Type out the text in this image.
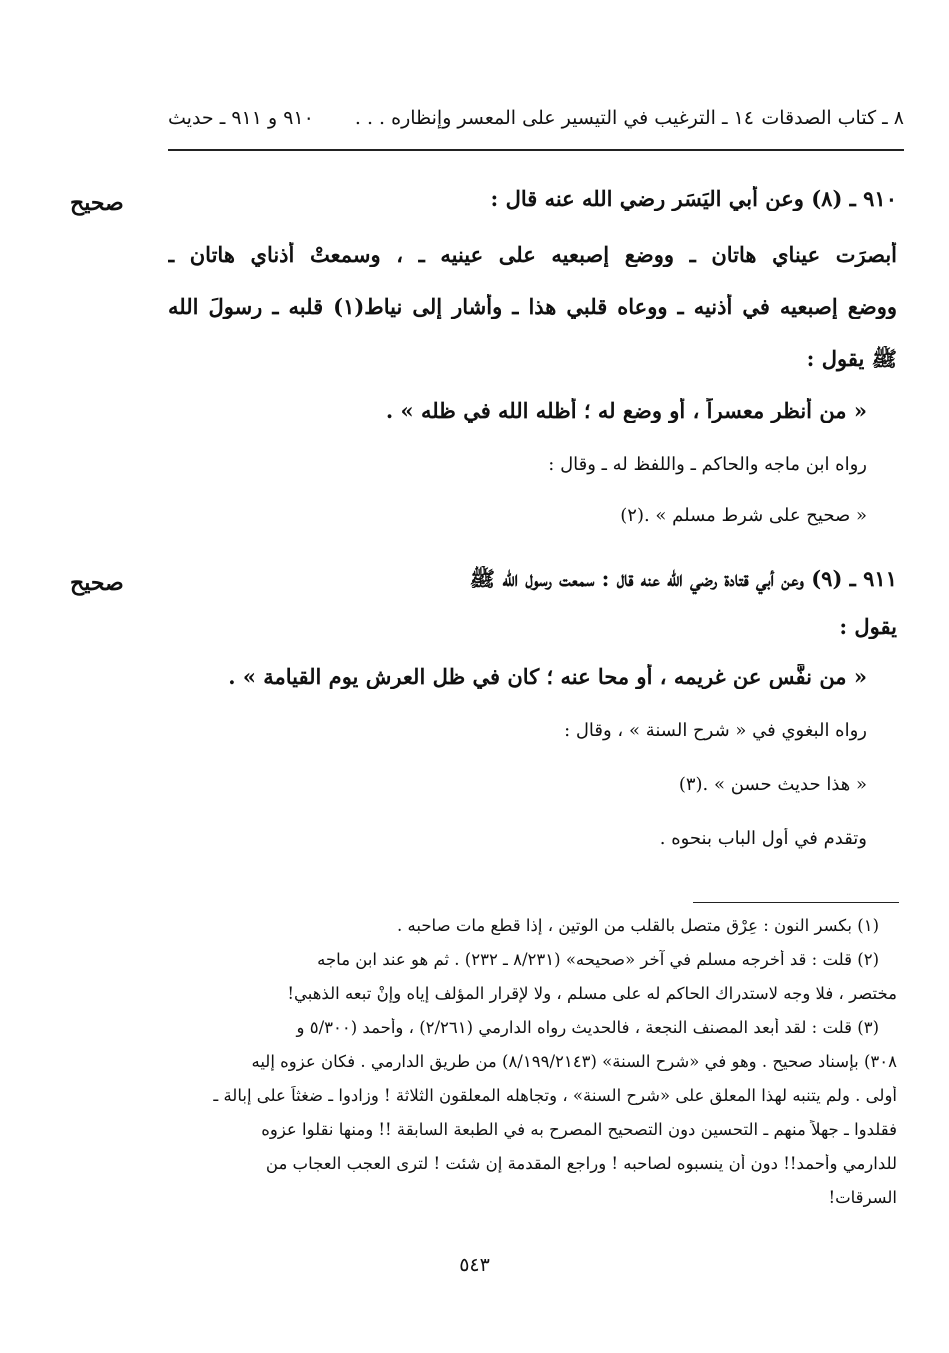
٨ ـ كتاب الصدقات
١٤ ـ الترغيب في التيسير على المعسر وإنظاره . . .
٩١٠ و ٩١١ ـ حديث
صحيح	٩١٠ ـ (٨) وعن أبي اليَسَرِ رضي الله عنه قال :
أبصرَت عيناي هاتان ـ ووضع إصبعيه على عينيه ـ ، وسمعتْ أذناي هاتان ـ
ووضع إصبعيه في أذنيه ـ ووعاه قلبي هذا ـ وأشار إلى نياط(١) قلبه ـ رسولَ الله
ﷺ يقول :
« من أنظر معسراً ، أو وضع له ؛ أظله الله في ظله » .
رواه ابن ماجه والحاكم ـ واللفظ له ـ وقال :
« صحيح على شرط مسلم » .(٢)
صحيح	٩١١ ـ (٩) وعن أبي قتادة رضي الله عنه قال : سمعت رسول الله ﷺ
يقول :
« من نفَّس عن غريمه ، أو محا عنه ؛ كان في ظل العرش يوم القيامة » .
رواه البغوي في « شرح السنة » ، وقال :
« هذا حديث حسن » .(٣)
وتقدم في أول الباب بنحوه .
(١) بكسر النون : عِرْق متصل بالقلب من الوتين ، إذا قطع مات صاحبه .
(٢) قلت : قد أخرجه مسلم في آخر «صحيحه» (٨/٢٣١ ـ ٢٣٢) . ثم هو عند ابن ماجه
مختصر ، فلا وجه لاستدراك الحاكم له على مسلم ، ولا لإقرار المؤلف إياه وإنْ تبعه الذهبي!
(٣) قلت : لقد أبعد المصنف النجعة ، فالحديث رواه الدارمي (٢/٢٦١) ، وأحمد (٥/٣٠٠ و
٣٠٨) بإسناد صحيح . وهو في «شرح السنة» (٨/١٩٩/٢١٤٣) من طريق الدارمي . فكان عزوه إليه
أولى . ولم يتنبه لهذا المعلق على «شرح السنة» ، وتجاهله المعلقون الثلاثة ! وزادوا ـ ضغثاً على إبالة ـ
فقلدوا ـ جهلاً منهم ـ التحسين دون التصحيح المصرح به في الطبعة السابقة !! ومنها نقلوا عزوه
للدارمي وأحمد!! دون أن ينسبوه لصاحبه ! وراجع المقدمة إن شئت ! لترى العجب العجاب من
السرقات!
٥٤٣
